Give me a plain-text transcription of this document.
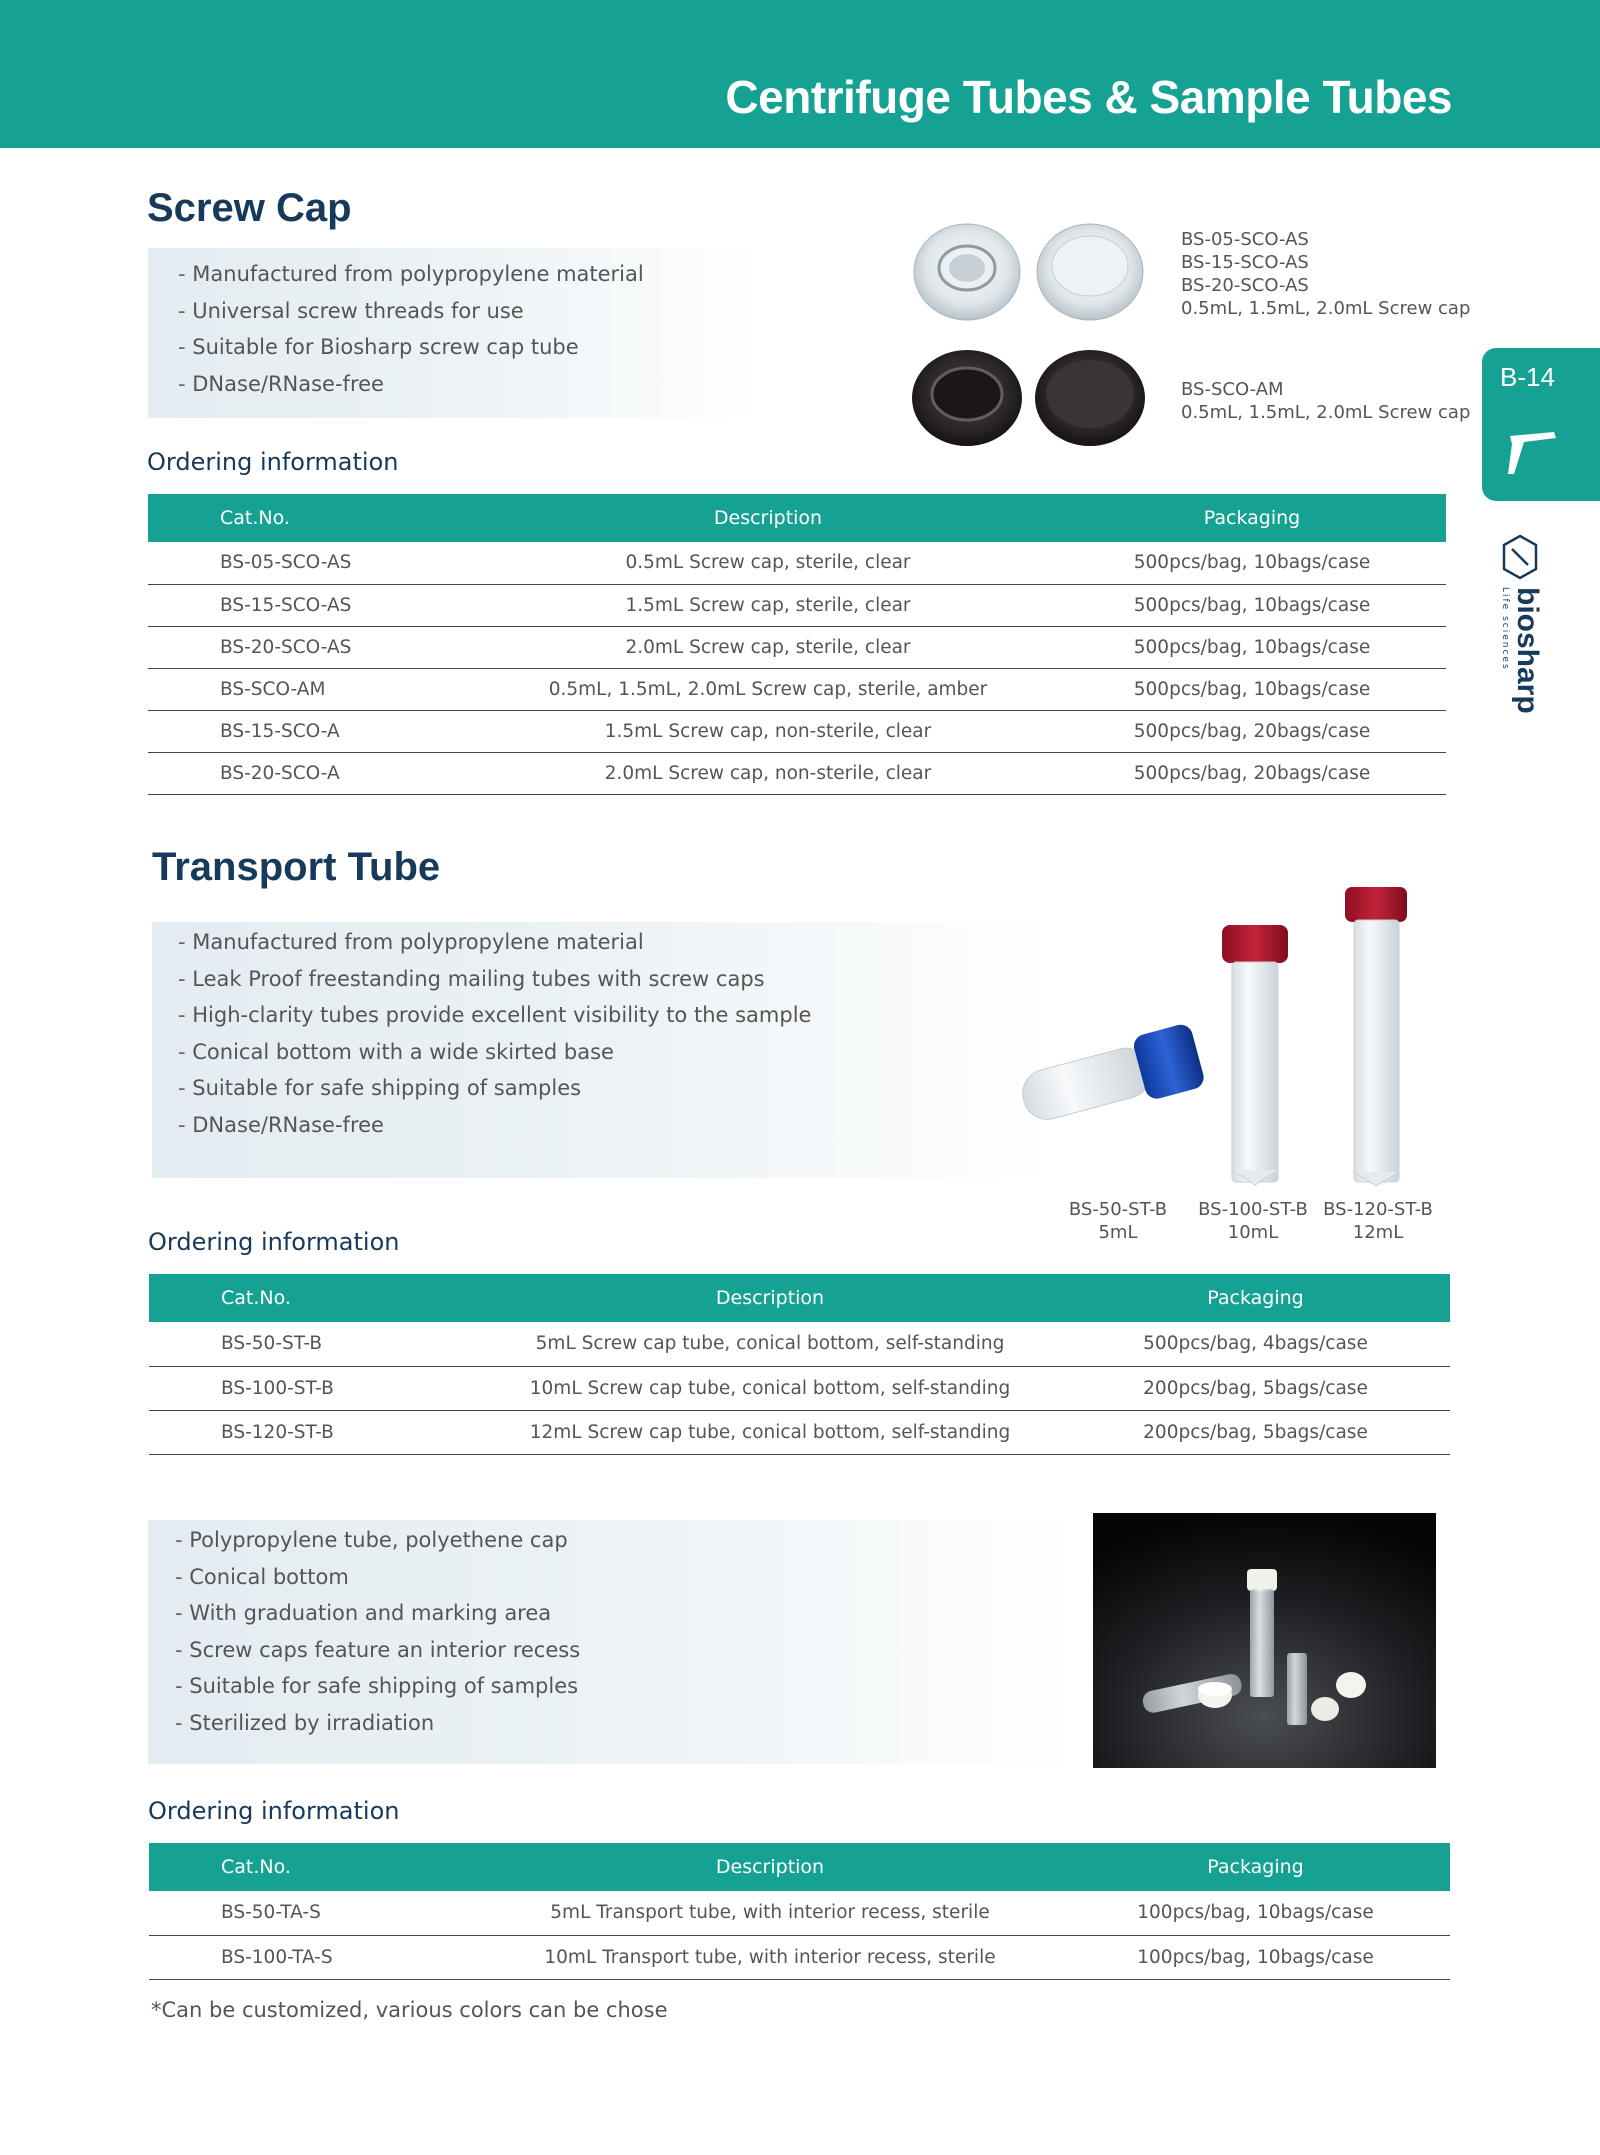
Centrifuge Tubes & Sample Tubes
B-14
biosharp
Life sciences
Screw Cap
- Manufactured from polypropylene material
- Universal screw threads for use
- Suitable for Biosharp screw cap tube
- DNase/RNase-free
BS-05-SCO-AS
BS-15-SCO-AS
BS-20-SCO-AS
0.5mL, 1.5mL, 2.0mL Screw cap
BS-SCO-AM
0.5mL, 1.5mL, 2.0mL Screw cap
Ordering information
Cat.No.	Description	Packaging
BS-05-SCO-AS	0.5mL Screw cap, sterile, clear	500pcs/bag, 10bags/case
BS-15-SCO-AS	1.5mL Screw cap, sterile, clear	500pcs/bag, 10bags/case
BS-20-SCO-AS	2.0mL Screw cap, sterile, clear	500pcs/bag, 10bags/case
BS-SCO-AM	0.5mL, 1.5mL, 2.0mL Screw cap, sterile, amber	500pcs/bag, 10bags/case
BS-15-SCO-A	1.5mL Screw cap, non-sterile, clear	500pcs/bag, 20bags/case
BS-20-SCO-A	2.0mL Screw cap, non-sterile, clear	500pcs/bag, 20bags/case
Transport Tube
- Manufactured from polypropylene material
- Leak Proof freestanding mailing tubes with screw caps
- High-clarity tubes provide excellent visibility to the sample
- Conical bottom with a wide skirted base
- Suitable for safe shipping of samples
- DNase/RNase-free
BS-50-ST-B
5mL
BS-100-ST-B
10mL
BS-120-ST-B
12mL
Ordering information
Cat.No.	Description	Packaging
BS-50-ST-B	5mL Screw cap tube, conical bottom, self-standing	500pcs/bag, 4bags/case
BS-100-ST-B	10mL Screw cap tube, conical bottom, self-standing	200pcs/bag, 5bags/case
BS-120-ST-B	12mL Screw cap tube, conical bottom, self-standing	200pcs/bag, 5bags/case
- Polypropylene tube, polyethene cap
- Conical bottom
- With graduation and marking area
- Screw caps feature an interior recess
- Suitable for safe shipping of samples
- Sterilized by irradiation
Ordering information
Cat.No.	Description	Packaging
BS-50-TA-S	5mL Transport tube, with interior recess, sterile	100pcs/bag, 10bags/case
BS-100-TA-S	10mL Transport tube, with interior recess, sterile	100pcs/bag, 10bags/case
*Can be customized, various colors can be chose
